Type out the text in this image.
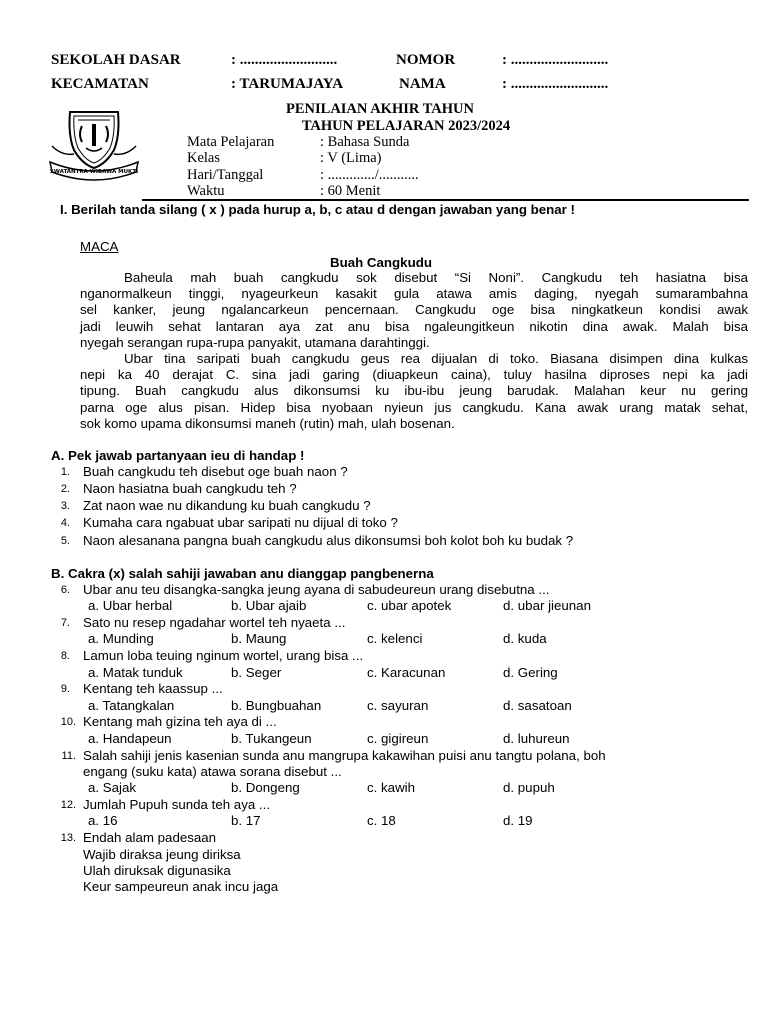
SEKOLAH DASAR	: ..........................	NOMOR	: ..........................
KECAMATAN	: TARUMAJAYA	NAMA	: ..........................
SWATANTRA WIBAWA MUKTI
PENILAIAN AKHIR TAHUN
TAHUN PELAJARAN 2023/2024
Mata Pelajaran	: Bahasa Sunda
Kelas	: V (Lima)
Hari/Tanggal	: ............./...........
Waktu	: 60 Menit
I. Berilah tanda silang ( x ) pada hurup a, b, c atau d dengan jawaban yang benar !
MACA
Buah Cangkudu
Baheula mah buah cangkudu sok disebut “Si Noni”. Cangkudu teh hasiatna bisa
nganormalkeun tinggi, nyageurkeun kasakit gula atawa amis daging, nyegah sumarambahna
sel kanker, jeung ngalancarkeun pencernaan. Cangkudu oge bisa ningkatkeun kondisi awak
jadi leuwih sehat lantaran aya zat anu bisa ngaleungitkeun nikotin dina awak. Malah bisa
nyegah serangan rupa-rupa panyakit, utamana darahtinggi.
Ubar tina saripati buah cangkudu geus rea dijualan di toko. Biasana disimpen dina kulkas
nepi ka 40 derajat C. sina jadi garing (diuapkeun caina), tuluy hasilna diproses nepi ka jadi
tipung. Buah cangkudu alus dikonsumsi ku ibu-ibu jeung barudak. Malahan keur nu gering
parna oge alus pisan. Hidep bisa nyobaan nyieun jus cangkudu. Kana awak urang matak sehat,
sok komo upama dikonsumsi maneh (rutin) mah, ulah bosenan.
A. Pek jawab partanyaan ieu di handap !
1. Buah cangkudu teh disebut oge buah naon ?
2. Naon hasiatna buah cangkudu teh ?
3. Zat naon wae nu dikandung ku buah cangkudu ?
4. Kumaha cara ngabuat ubar saripati nu dijual di toko ?
5. Naon alesanana pangna buah cangkudu alus dikonsumsi boh kolot boh ku budak ?
B. Cakra (x) salah sahiji jawaban anu dianggap pangbenerna
6. Ubar anu teu disangka-sangka jeung ayana di sabudeureun urang disebutna ...
a. Ubar herbal	b. Ubar ajaib	c. ubar apotek	d. ubar jieunan
7. Sato nu resep ngadahar wortel teh nyaeta ...
a. Munding	b. Maung	c. kelenci	d. kuda
8. Lamun loba teuing nginum wortel, urang bisa ...
a. Matak tunduk	b. Seger	c. Karacunan	d. Gering
9. Kentang teh kaassup ...
a. Tatangkalan	b. Bungbuahan	c. sayuran	d. sasatoan
10. Kentang mah gizina teh aya di ...
a. Handapeun	b. Tukangeun	c. gigireun	d. luhureun
11. Salah sahiji jenis kasenian sunda anu mangrupa kakawihan puisi anu tangtu polana, boh
engang (suku kata) atawa sorana disebut ...
a. Sajak	b. Dongeng	c. kawih	d. pupuh
12. Jumlah Pupuh sunda teh aya ...
a. 16	b. 17	c. 18	d. 19
13. Endah alam padesaan
Wajib diraksa jeung diriksa
Ulah diruksak digunasika
Keur sampeureun anak incu jaga
